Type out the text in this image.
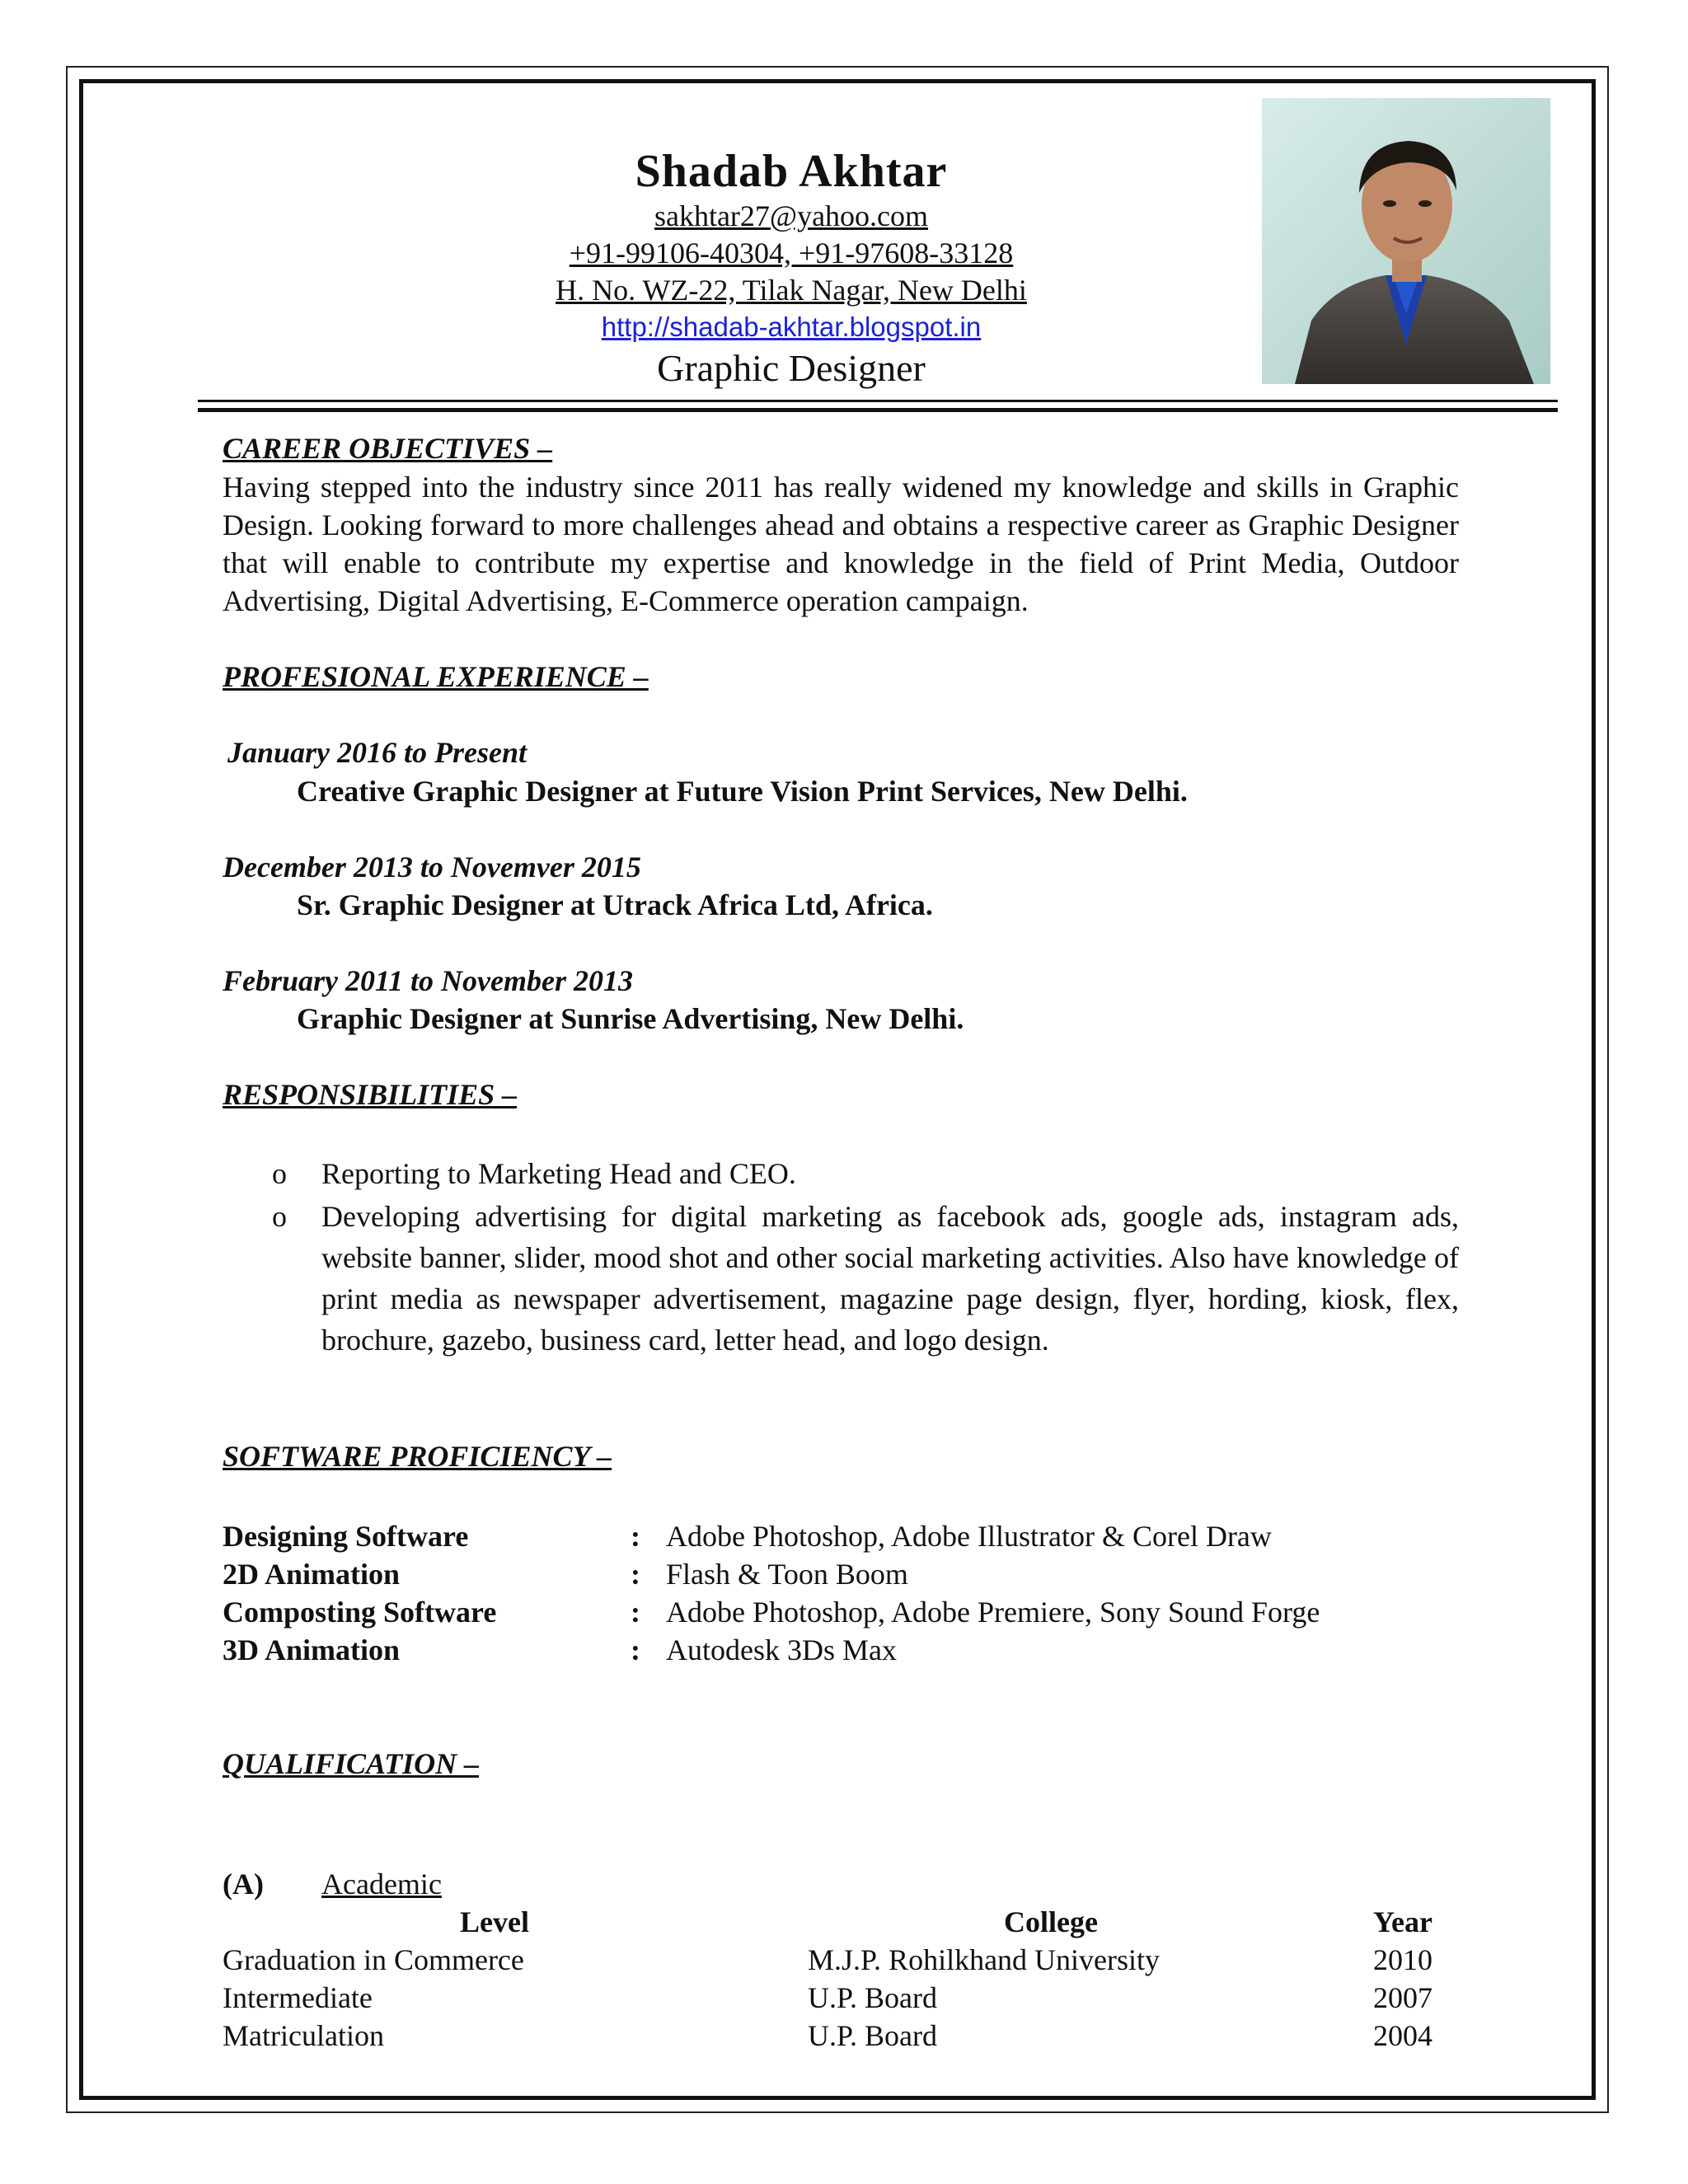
Shadab Akhtar
sakhtar27@yahoo.com
+91-99106-40304, +91-97608-33128
H. No. WZ-22, Tilak Nagar, New Delhi
http://shadab-akhtar.blogspot.in
Graphic Designer
CAREER OBJECTIVES –
Having stepped into the industry since 2011 has really widened my knowledge and skills in Graphic Design. Looking forward to more challenges ahead and obtains a respective career as Graphic Designer that will enable to contribute my expertise and knowledge in the field of Print Media, Outdoor Advertising, Digital Advertising, E-Commerce operation campaign.
PROFESIONAL EXPERIENCE –
January 2016 to Present
Creative Graphic Designer at Future Vision Print Services, New Delhi.
December 2013 to Novemver 2015
Sr. Graphic Designer at Utrack Africa Ltd, Africa.
February 2011 to November 2013
Graphic Designer at Sunrise Advertising, New Delhi.
RESPONSIBILITIES –
o Reporting to Marketing Head and CEO.
o Developing advertising for digital marketing as facebook ads, google ads, instagram ads, website banner, slider, mood shot and other social marketing activities. Also have knowledge of print media as newspaper advertisement, magazine page design, flyer, hording, kiosk, flex, brochure, gazebo, business card, letter head, and logo design.
SOFTWARE PROFICIENCY –
Designing Software	: Adobe Photoshop, Adobe Illustrator & Corel Draw
2D Animation	: Flash & Toon Boom
Composting Software	: Adobe Photoshop, Adobe Premiere, Sony Sound Forge
3D Animation	: Autodesk 3Ds Max
QUALIFICATION –
(A) Academic
Level	College	Year
Graduation in Commerce	M.J.P. Rohilkhand University	2010
Intermediate	U.P. Board	2007
Matriculation	U.P. Board	2004
